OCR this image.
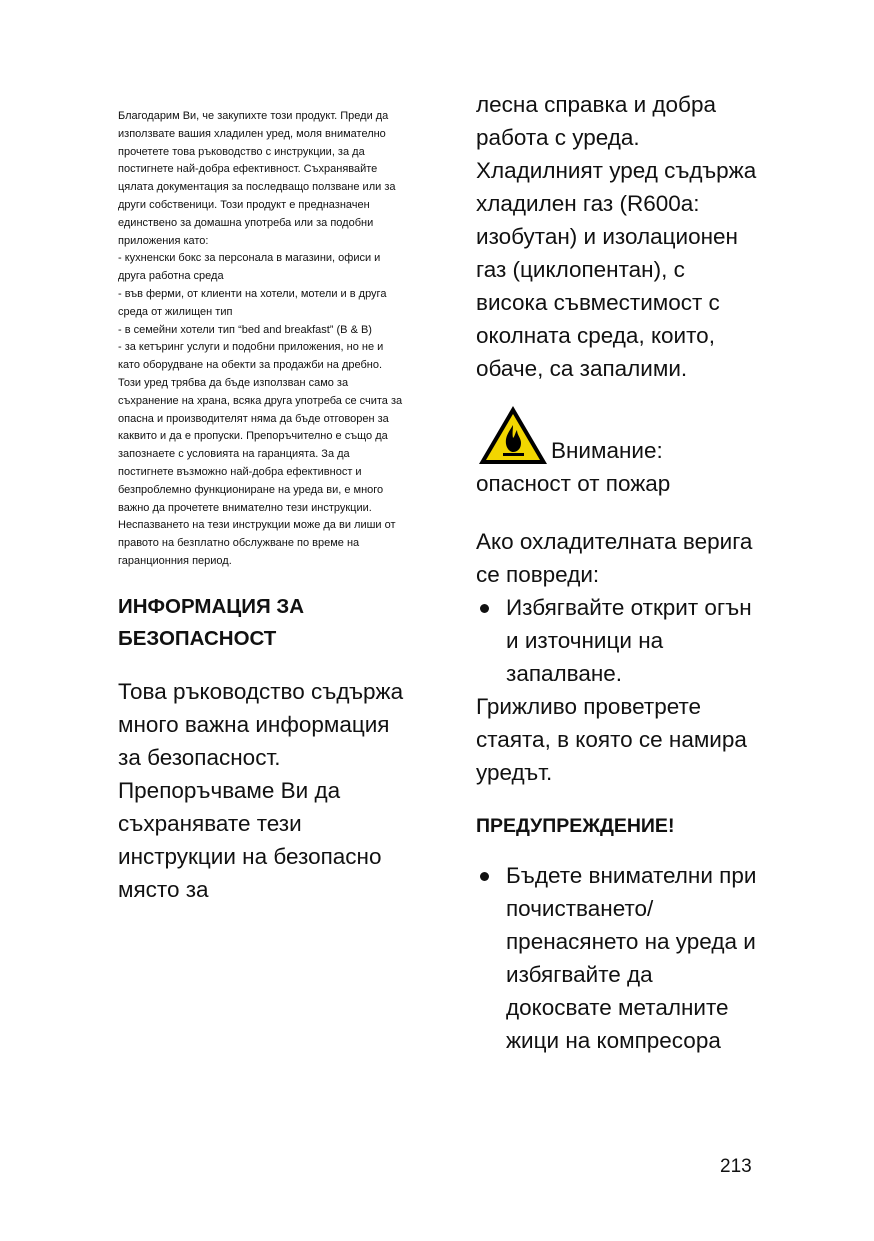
Благодарим Ви, че закупихте този продукт. Преди да използвате вашия хладилен уред, моля внимателно прочетете това ръководство с инструкции, за да постигнете най-добра ефективност. Съхранявайте цялата документация за последващо ползване или за други собственици. Този продукт е предназначен единствено за домашна употреба или за подобни приложения като:

- кухненски бокс за персонала в магазини, офиси и друга работна среда

- във ферми, от клиенти на хотели, мотели и в друга среда от жилищен тип

- в семейни хотели тип “bed and breakfast” (B & B)

- за кетъринг услуги и подобни приложения, но не и като оборудване на обекти за продажби на дребно.

Този уред трябва да бъде използван само за съхранение на храна, всяка друга употреба се счита за опасна и производителят няма да бъде отговорен за каквито и да е пропуски. Препоръчително е също да запознаете с условията на гаранцията. За да постигнете възможно най-добра ефективност и безпроблемно функциониране на уреда ви, е много важно да прочетете внимателно тези инструкции. Неспазването на тези инструкции може да ви лиши от правото на безплатно обслужване по време на гаранционния период.

ИНФОРМАЦИЯ ЗА БЕЗОПАСНОСТ

Това ръководство съдържа много важна информация за безопасност. Препоръчваме Ви да съхранявате тези инструкции на безопасно място за

лесна справка и добра работа с уреда. Хладилният уред съдържа хладилен газ (R600a: изобутан) и изолационен газ (циклопентан), с висока съвместимост с околната среда, които, обаче, са запалими.

Внимание:

опасност от пожар

Ако охладителната верига се повреди:

Избягвайте открит огън и източници на запалване.

Грижливо проветрете стаята, в която се намира уредът.

ПРЕДУПРЕЖДЕНИЕ!
Бъдете внимателни при почистването/пренасянето на уреда и избягвайте да докосвате металните жици на компресора
213
